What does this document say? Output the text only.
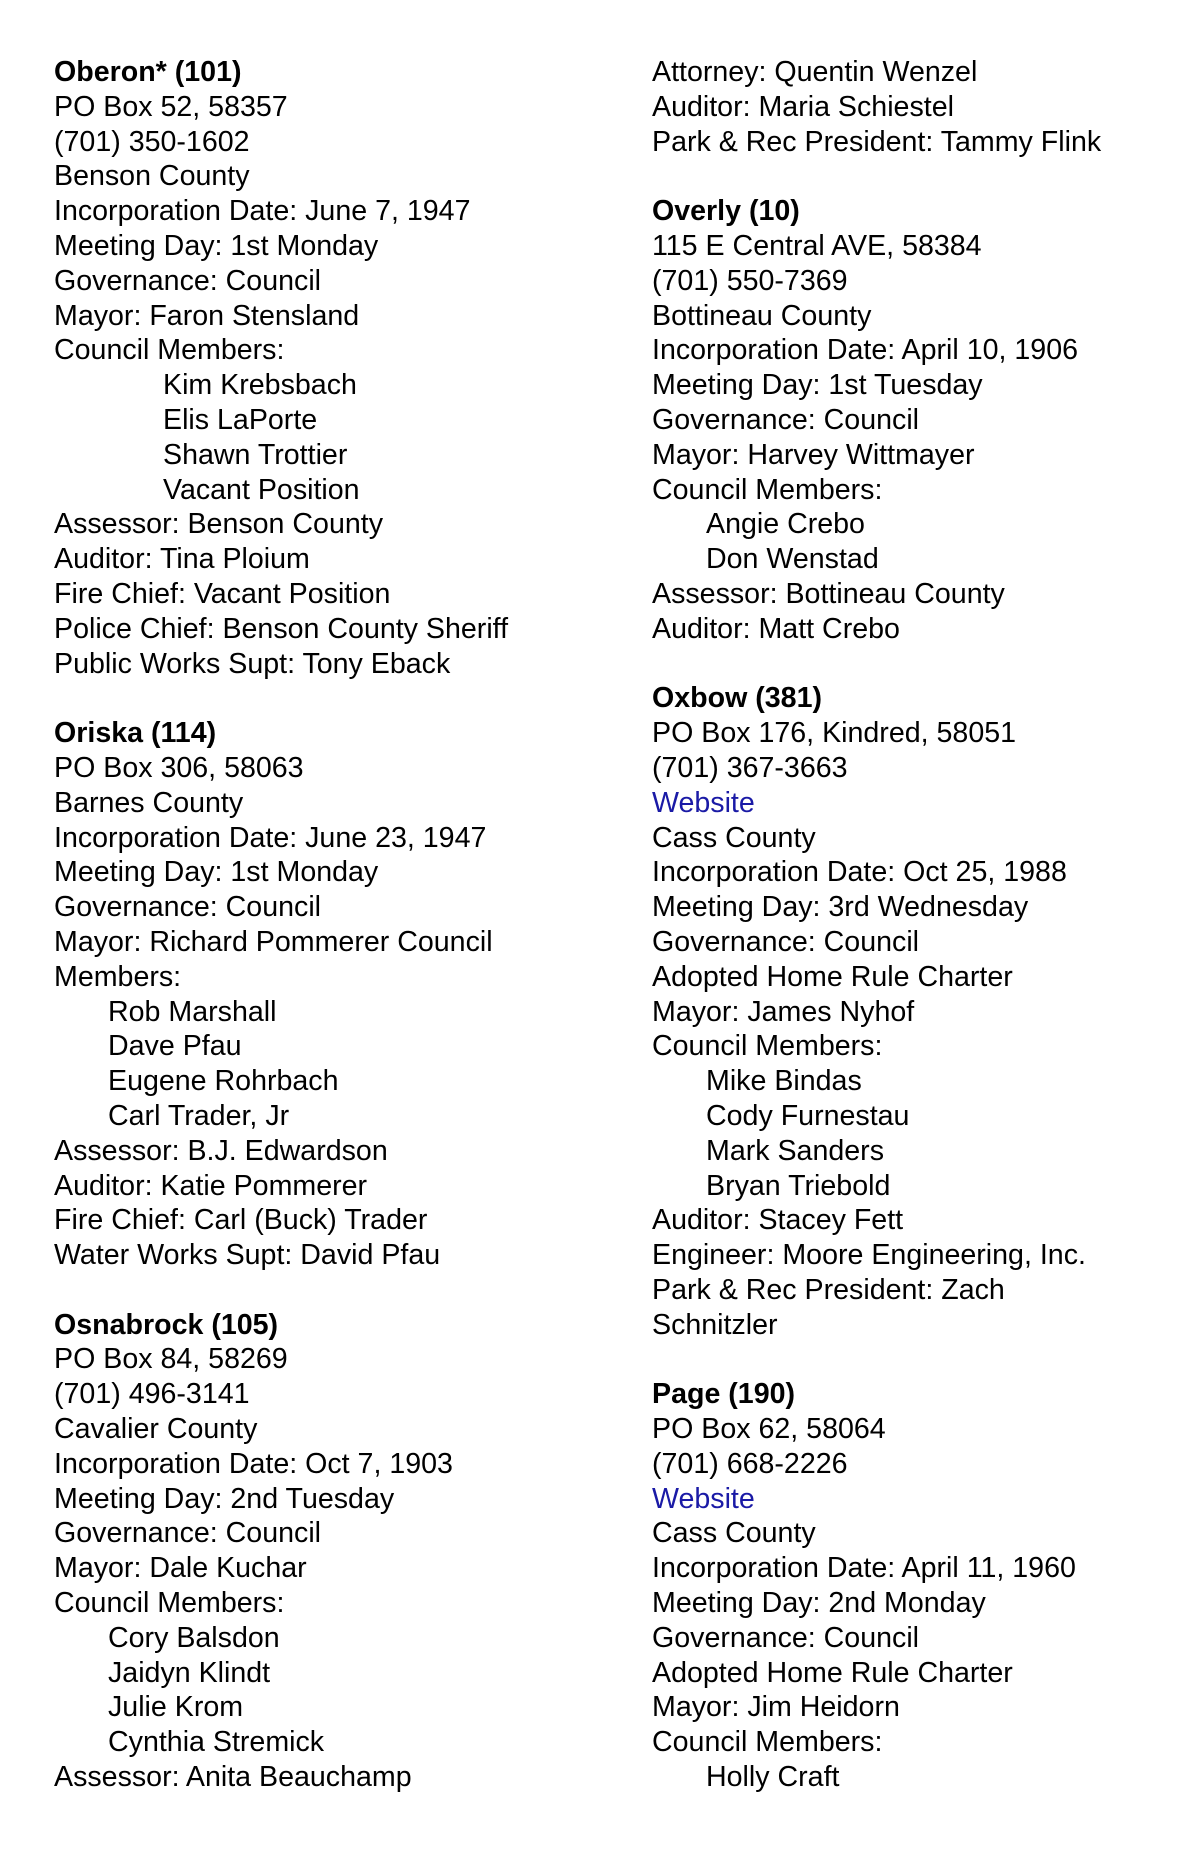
Oberon* (101)
PO Box 52, 58357
(701) 350-1602
Benson County
Incorporation Date: June 7, 1947
Meeting Day: 1st Monday
Governance: Council
Mayor: Faron Stensland
Council Members:
Kim Krebsbach
Elis LaPorte
Shawn Trottier
Vacant Position
Assessor: Benson County
Auditor: Tina Ploium
Fire Chief: Vacant Position
Police Chief: Benson County Sheriff
Public Works Supt: Tony Eback
Oriska (114)
PO Box 306, 58063
Barnes County
Incorporation Date: June 23, 1947
Meeting Day: 1st Monday
Governance: Council
Mayor: Richard Pommerer Council
Members:
Rob Marshall
Dave Pfau
Eugene Rohrbach
Carl Trader, Jr
Assessor: B.J. Edwardson
Auditor: Katie Pommerer
Fire Chief: Carl (Buck) Trader
Water Works Supt: David Pfau
Osnabrock (105)
PO Box 84, 58269
(701) 496-3141
Cavalier County
Incorporation Date: Oct 7, 1903
Meeting Day: 2nd Tuesday
Governance: Council
Mayor: Dale Kuchar
Council Members:
Cory Balsdon
Jaidyn Klindt
Julie Krom
Cynthia Stremick
Assessor: Anita Beauchamp
Attorney: Quentin Wenzel
Auditor: Maria Schiestel
Park & Rec President: Tammy Flink
Overly (10)
115 E Central AVE, 58384
(701) 550-7369
Bottineau County
Incorporation Date: April 10, 1906
Meeting Day: 1st Tuesday
Governance: Council
Mayor: Harvey Wittmayer
Council Members:
Angie Crebo
Don Wenstad
Assessor: Bottineau County
Auditor: Matt Crebo
Oxbow (381)
PO Box 176, Kindred, 58051
(701) 367-3663
Website
Cass County
Incorporation Date: Oct 25, 1988
Meeting Day: 3rd Wednesday
Governance: Council
Adopted Home Rule Charter
Mayor: James Nyhof
Council Members:
Mike Bindas
Cody Furnestau
Mark Sanders
Bryan Triebold
Auditor: Stacey Fett
Engineer: Moore Engineering, Inc.
Park & Rec President: Zach
Schnitzler
Page (190)
PO Box 62, 58064
(701) 668-2226
Website
Cass County
Incorporation Date: April 11, 1960
Meeting Day: 2nd Monday
Governance: Council
Adopted Home Rule Charter
Mayor: Jim Heidorn
Council Members:
Holly Craft
